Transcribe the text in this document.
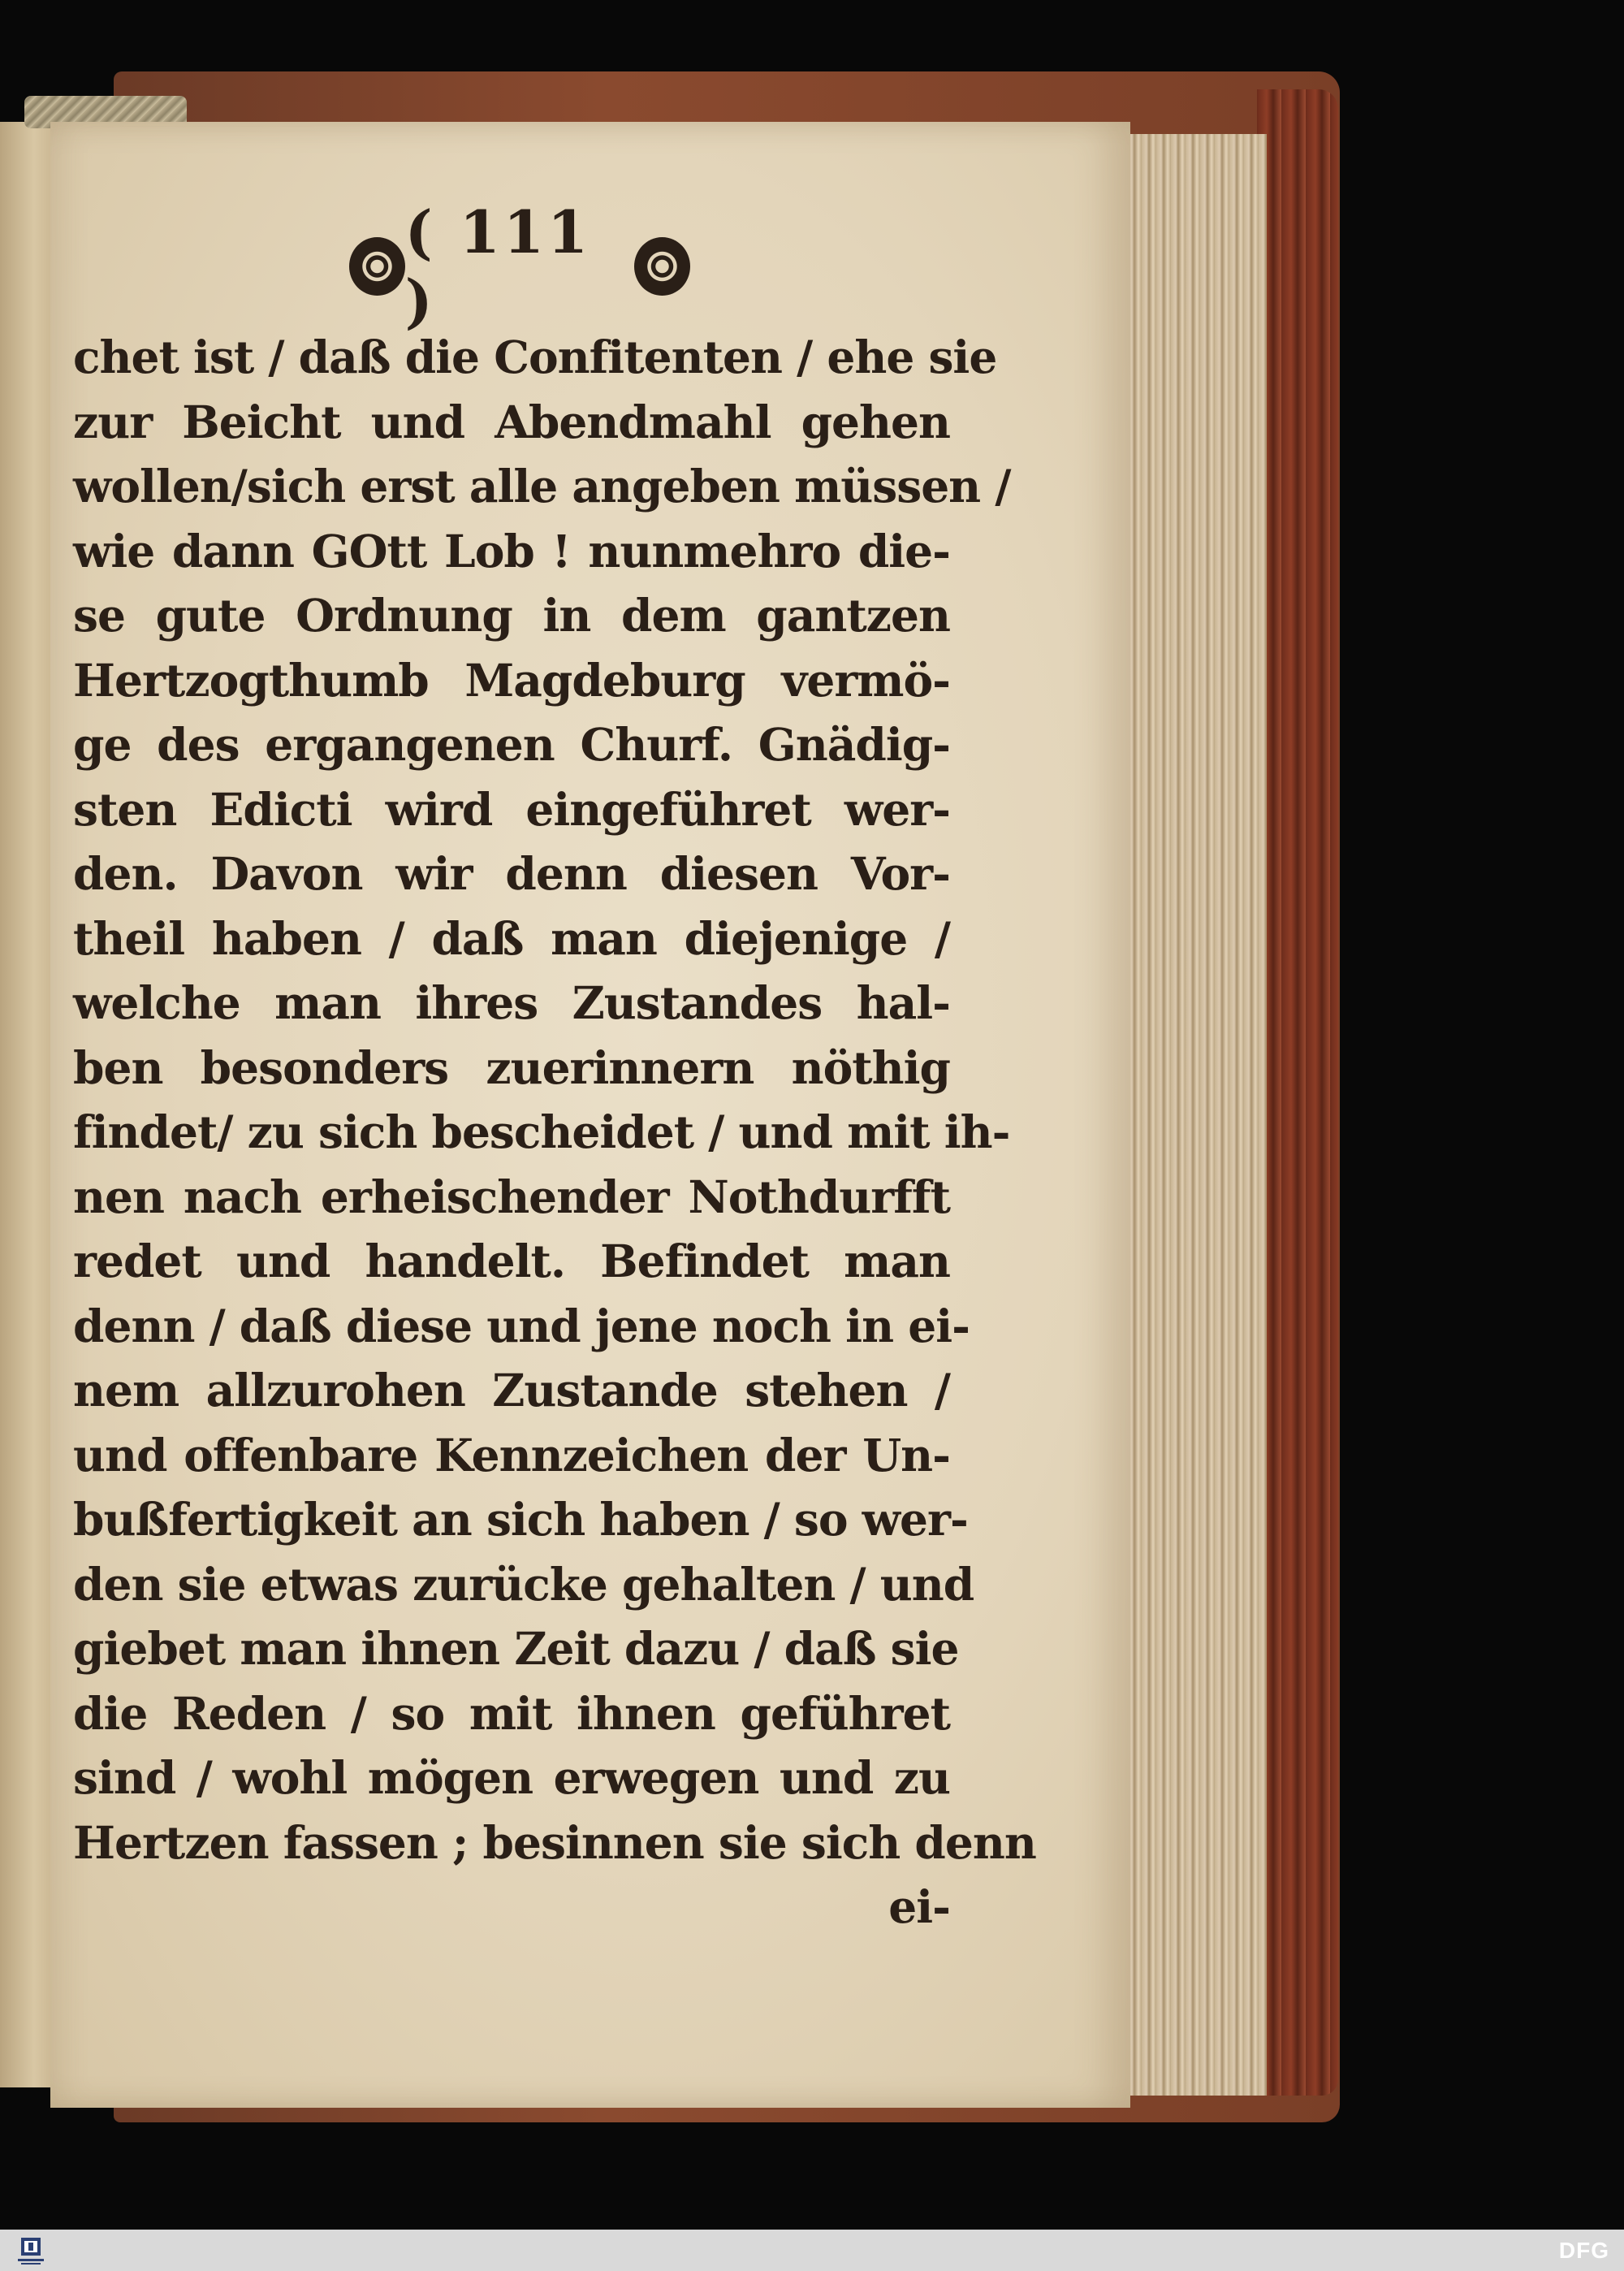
( 111 )
chet ist / daß die Confitenten / ehe sie
zur Beicht und Abendmahl gehen
wollen/sich erst alle angeben müssen /
wie dann GOtt Lob ! nunmehro die-
se gute Ordnung in dem gantzen
Hertzogthumb Magdeburg vermö-
ge des ergangenen Churf. Gnädig-
sten Edicti wird eingeführet wer-
den. Davon wir denn diesen Vor-
theil haben / daß man diejenige /
welche man ihres Zustandes hal-
ben besonders zuerinnern nöthig
findet/ zu sich bescheidet / und mit ih-
nen nach erheischender Nothdurfft
redet und handelt. Befindet man
denn / daß diese und jene noch in ei-
nem allzurohen Zustande stehen /
und offenbare Kennzeichen der Un-
bußfertigkeit an sich haben / so wer-
den sie etwas zurücke gehalten / und
giebet man ihnen Zeit dazu / daß sie
die Reden / so mit ihnen geführet
sind / wohl mögen erwegen und zu
Hertzen fassen ; besinnen sie sich denn
ei-
DFG
